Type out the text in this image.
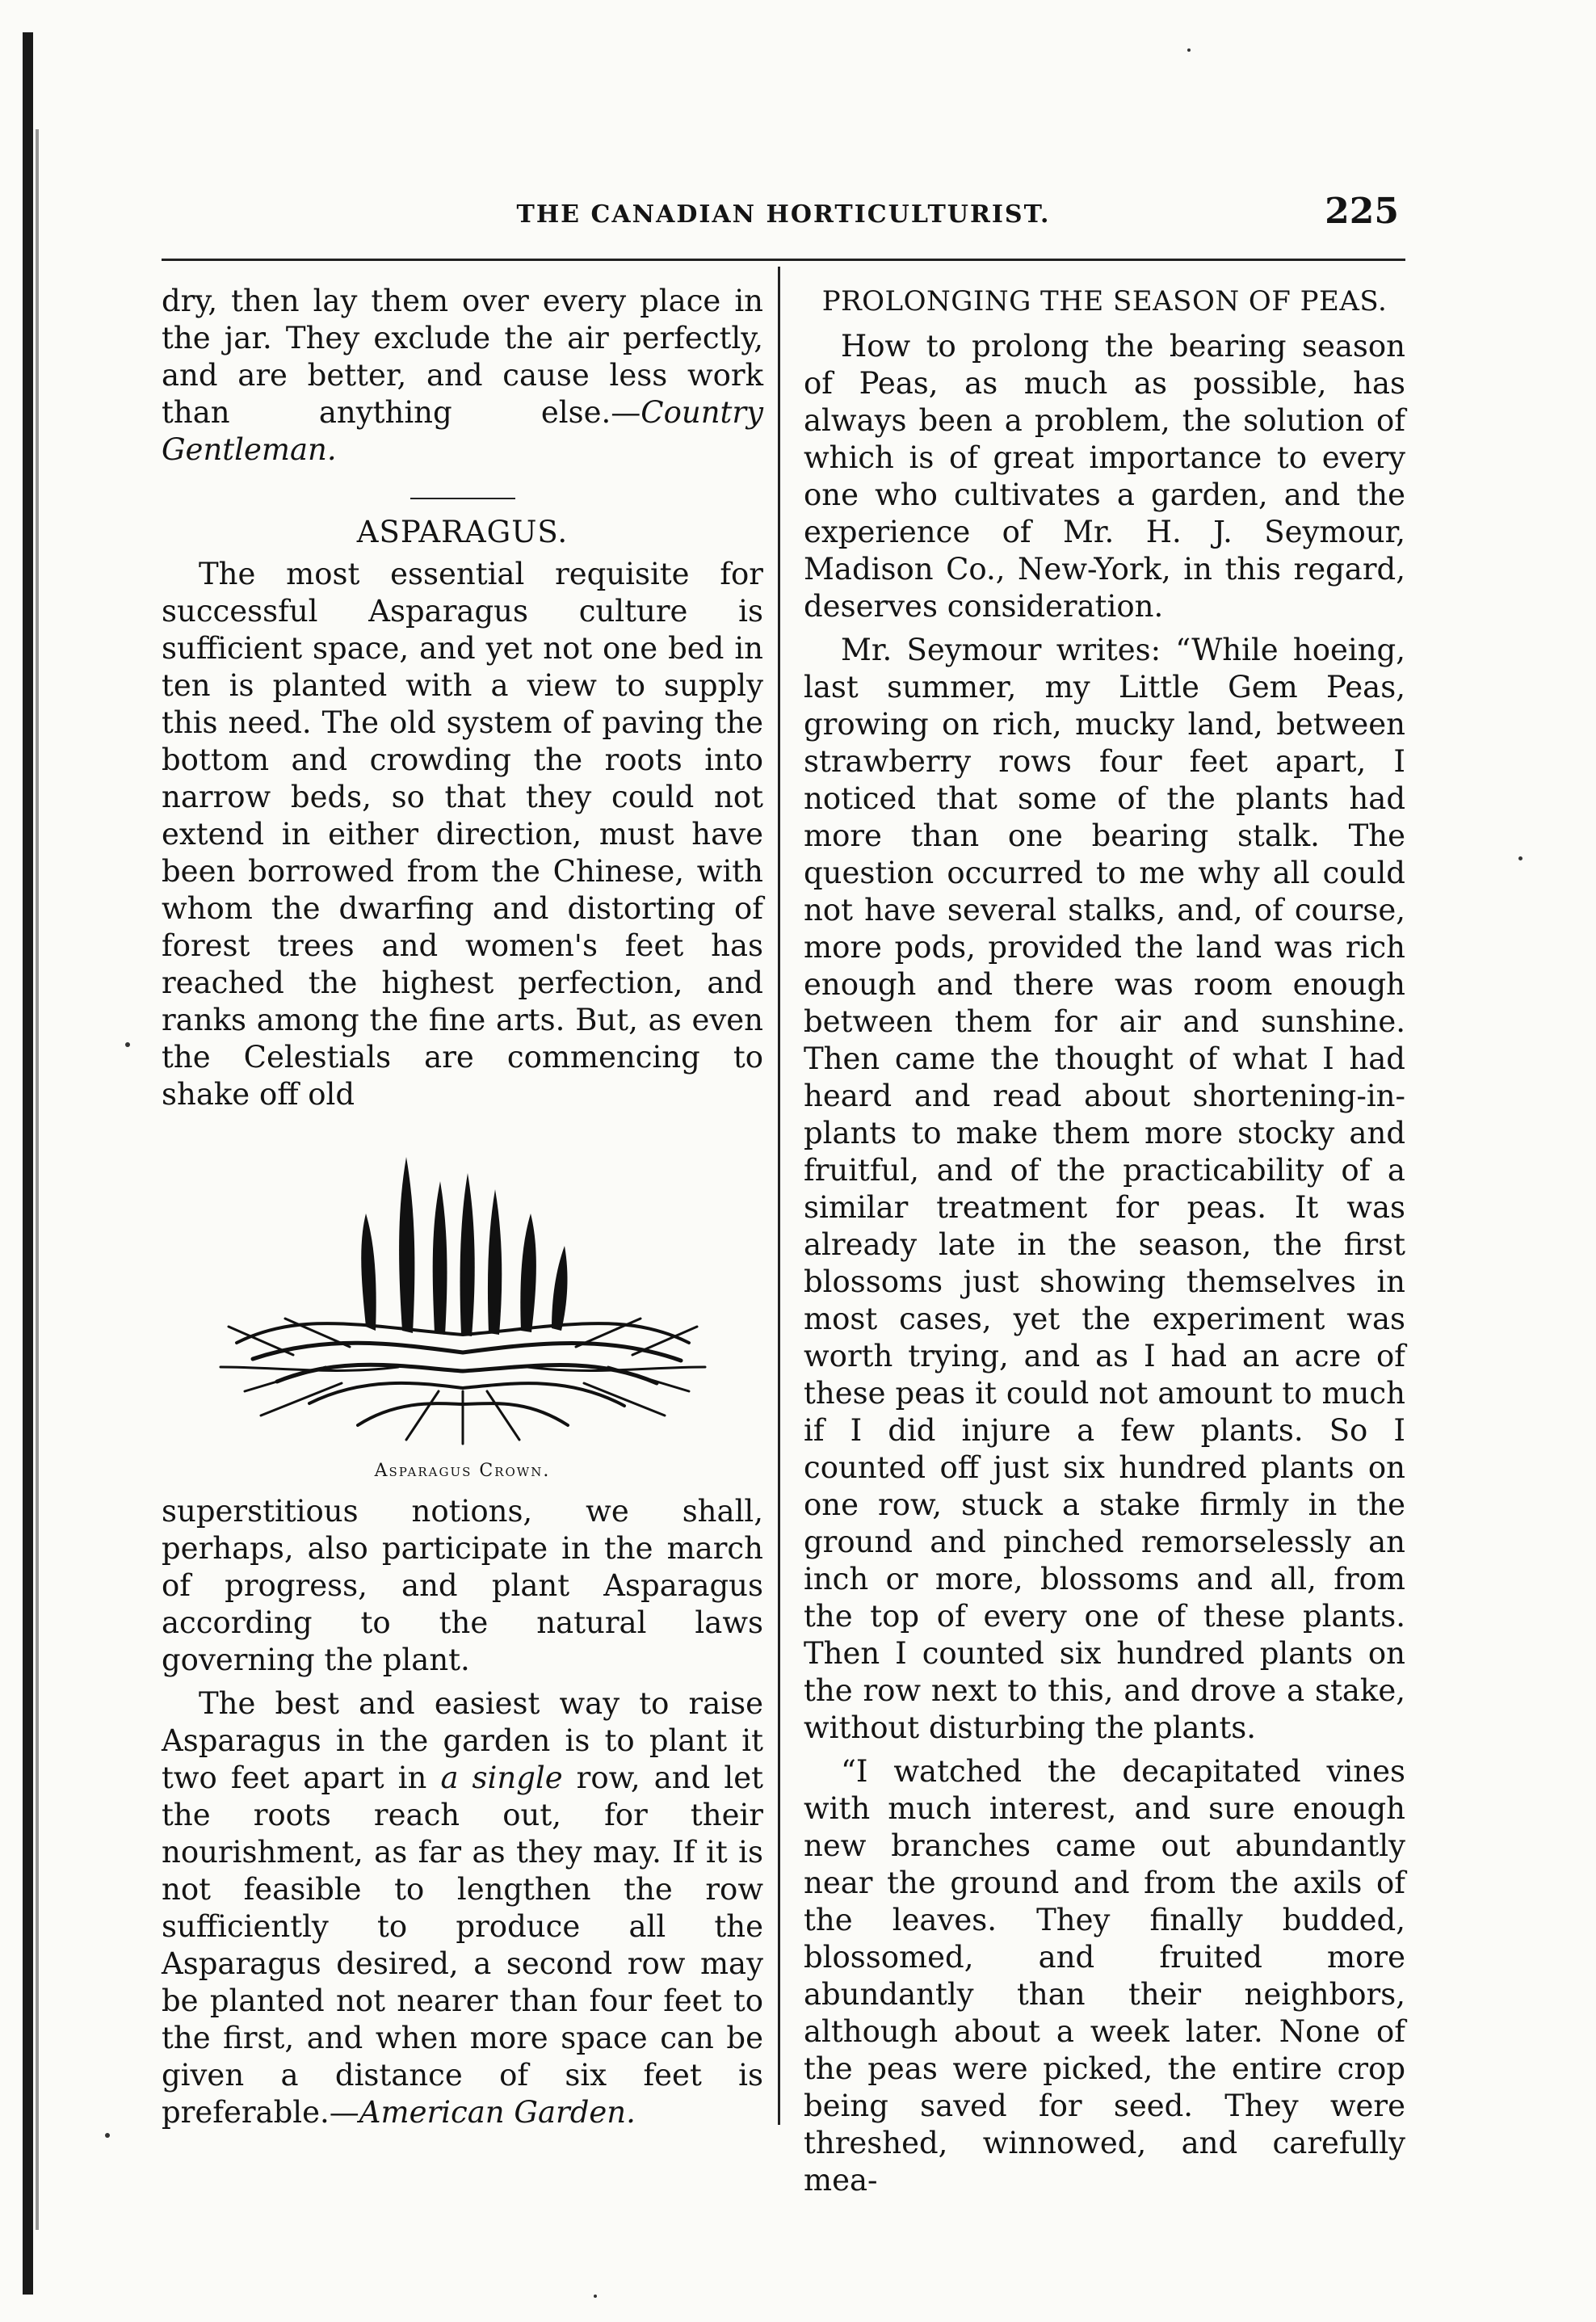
THE CANADIAN HORTICULTURIST.	225

dry, then lay them over every place in the jar. They exclude the air perfectly, and are better, and cause less work than anything else.—Country Gentleman.

ASPARAGUS.

The most essential requisite for successful Asparagus culture is sufficient space, and yet not one bed in ten is planted with a view to supply this need. The old system of paving the bottom and crowding the roots into narrow beds, so that they could not extend in either direction, must have been borrowed from the Chinese, with whom the dwarfing and distorting of forest trees and women's feet has reached the highest perfection, and ranks among the fine arts. But, as even the Celestials are commencing to shake off old

Asparagus Crown.

superstitious notions, we shall, perhaps, also participate in the march of progress, and plant Asparagus according to the natural laws governing the plant.

The best and easiest way to raise Asparagus in the garden is to plant it two feet apart in a single row, and let the roots reach out, for their nourishment, as far as they may. If it is not feasible to lengthen the row sufficiently to produce all the Asparagus desired, a second row may be planted not nearer than four feet to the first, and when more space can be given a distance of six feet is preferable.—American Garden.

PROLONGING THE SEASON OF PEAS.

How to prolong the bearing season of Peas, as much as possible, has always been a problem, the solution of which is of great importance to every one who cultivates a garden, and the experience of Mr. H. J. Seymour, Madison Co., New-York, in this regard, deserves consideration.

Mr. Seymour writes: “While hoeing, last summer, my Little Gem Peas, growing on rich, mucky land, between strawberry rows four feet apart, I noticed that some of the plants had more than one bearing stalk. The question occurred to me why all could not have several stalks, and, of course, more pods, provided the land was rich enough and there was room enough between them for air and sunshine. Then came the thought of what I had heard and read about shortening-in-plants to make them more stocky and fruitful, and of the practicability of a similar treatment for peas. It was already late in the season, the first blossoms just showing themselves in most cases, yet the experiment was worth trying, and as I had an acre of these peas it could not amount to much if I did injure a few plants. So I counted off just six hundred plants on one row, stuck a stake firmly in the ground and pinched remorselessly an inch or more, blossoms and all, from the top of every one of these plants. Then I counted six hundred plants on the row next to this, and drove a stake, without disturbing the plants.

“I watched the decapitated vines with much interest, and sure enough new branches came out abundantly near the ground and from the axils of the leaves. They finally budded, blossomed, and fruited more abundantly than their neighbors, although about a week later. None of the peas were picked, the entire crop being saved for seed. They were threshed, winnowed, and carefully mea-
